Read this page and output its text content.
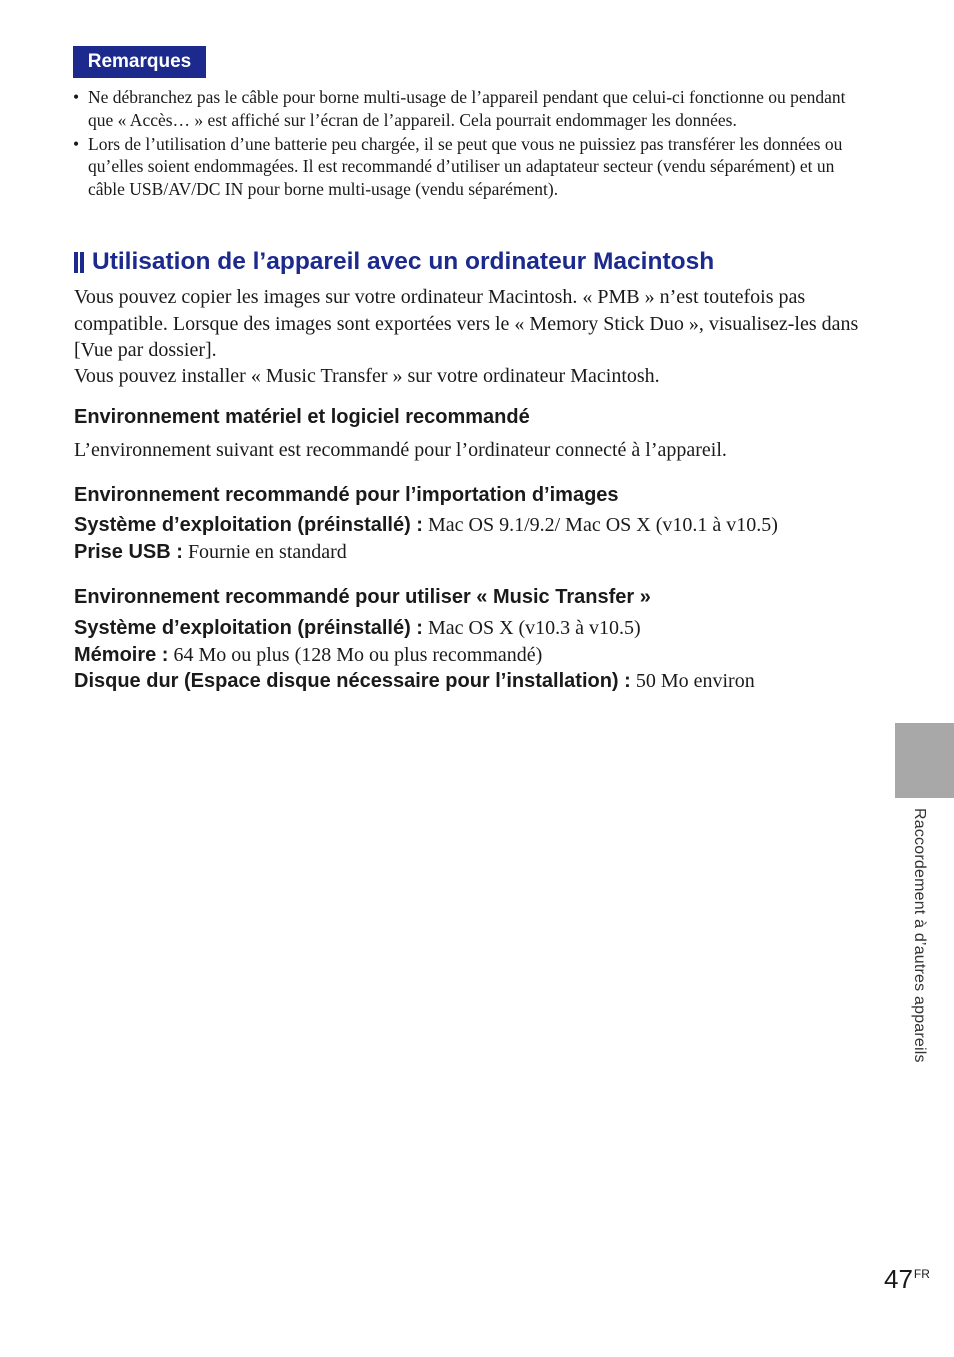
Remarques
• Ne débranchez pas le câble pour borne multi-usage de l’appareil pendant que celui-ci fonctionne ou pendant que « Accès… » est affiché sur l’écran de l’appareil. Cela pourrait endommager les données.
• Lors de l’utilisation d’une batterie peu chargée, il se peut que vous ne puissiez pas transférer les données ou qu’elles soient endommagées. Il est recommandé d’utiliser un adaptateur secteur (vendu séparément) et un câble USB/AV/DC IN pour borne multi-usage (vendu séparément).
Utilisation de l’appareil avec un ordinateur Macintosh

Vous pouvez copier les images sur votre ordinateur Macintosh. « PMB » n’est toutefois pas compatible. Lorsque des images sont exportées vers le « Memory Stick Duo », visualisez-les dans [Vue par dossier].

Vous pouvez installer « Music Transfer » sur votre ordinateur Macintosh.

Environnement matériel et logiciel recommandé

L’environnement suivant est recommandé pour l’ordinateur connecté à l’appareil.

Environnement recommandé pour l’importation d’images

Système d’exploitation (préinstallé) : Mac OS 9.1/9.2/ Mac OS X (v10.1 à v10.5)

Prise USB : Fournie en standard

Environnement recommandé pour utiliser « Music Transfer »

Système d’exploitation (préinstallé) : Mac OS X (v10.3 à v10.5)

Mémoire : 64 Mo ou plus (128 Mo ou plus recommandé)

Disque dur (Espace disque nécessaire pour l’installation) : 50 Mo environ

Raccordement à d’autres appareils
$47^{FR}$
